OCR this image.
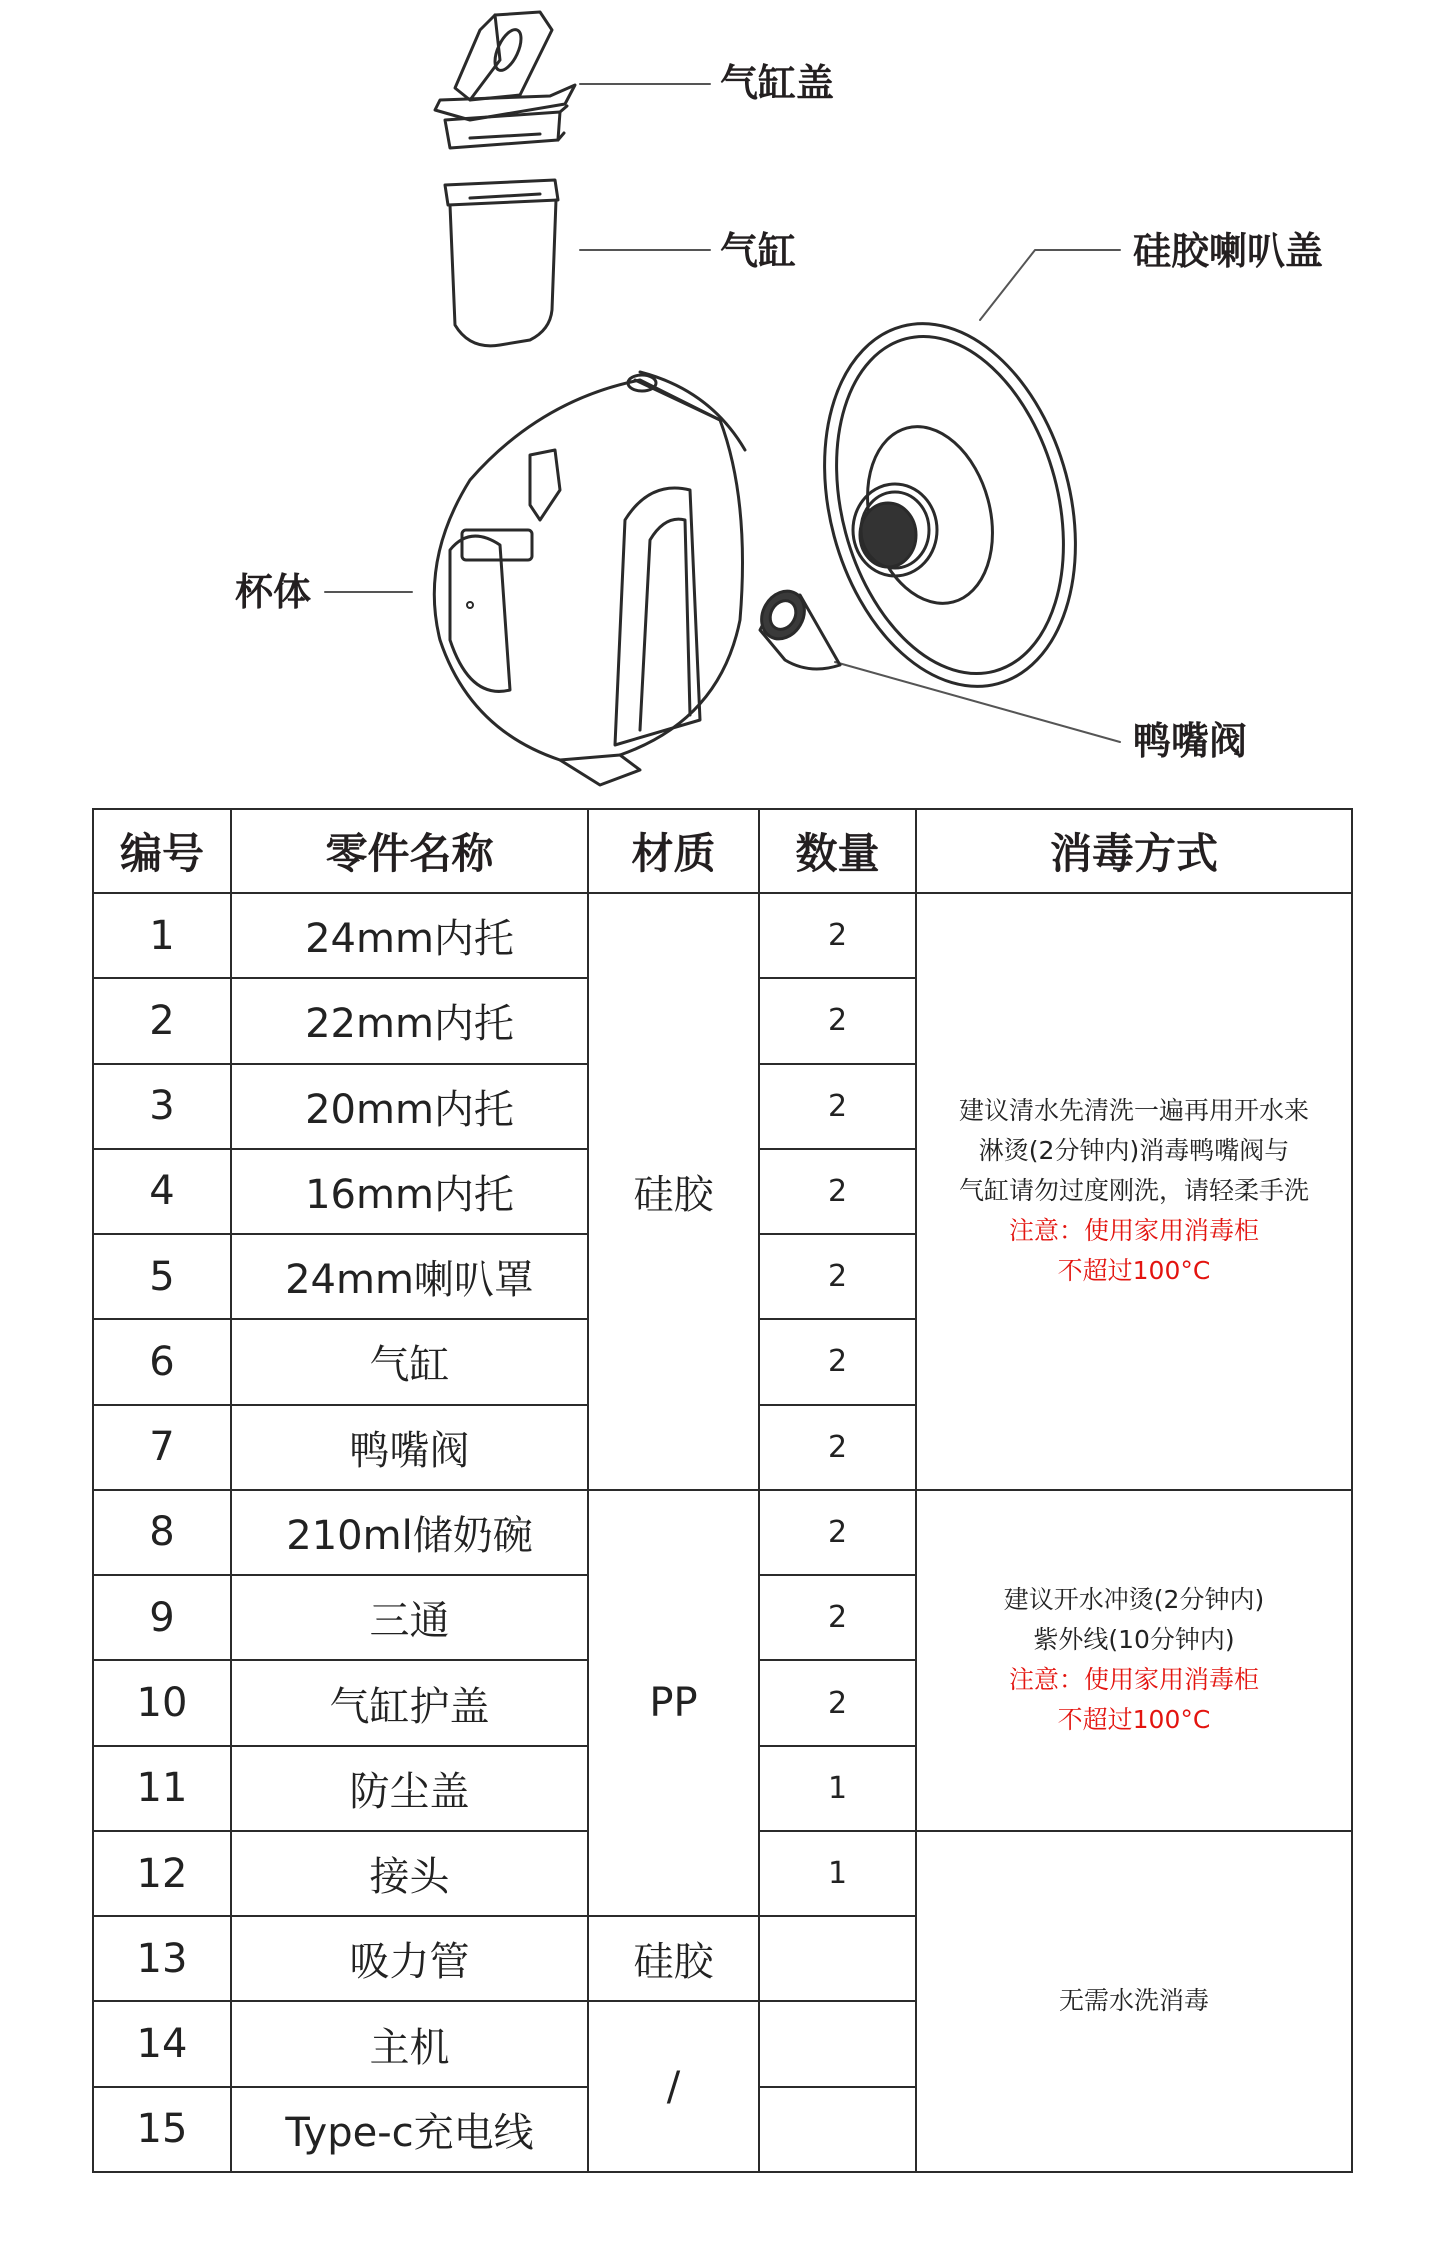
气缸盖
气缸	硅胶喇叭盖
杯体
鸭嘴阀
编号	零件名称	材质	数量	消毒方式
1	24mm内托	硅胶	2	建议清水先清洗一遍再用开水来
淋烫(2分钟内)消毒鸭嘴阀与
气缸请勿过度刚洗，请轻柔手洗
注意：使用家用消毒柜
不超过100°C

2	22mm内托		2	
3	20mm内托		2	
4	16mm内托		2	
5	24mm喇叭罩		2	
6	气缸		2	
7	鸭嘴阀		2	
8	210ml储奶碗	PP	2	建议开水冲烫(2分钟内)
紫外线(10分钟内)
注意：使用家用消毒柜
不超过100°C

9	三通		2	
10	气缸护盖		2	
11	防尘盖		1	
12	接头		1	无需水洗消毒

13	吸力管	硅胶		
14	主机	/		
15	Type-c充电线			
